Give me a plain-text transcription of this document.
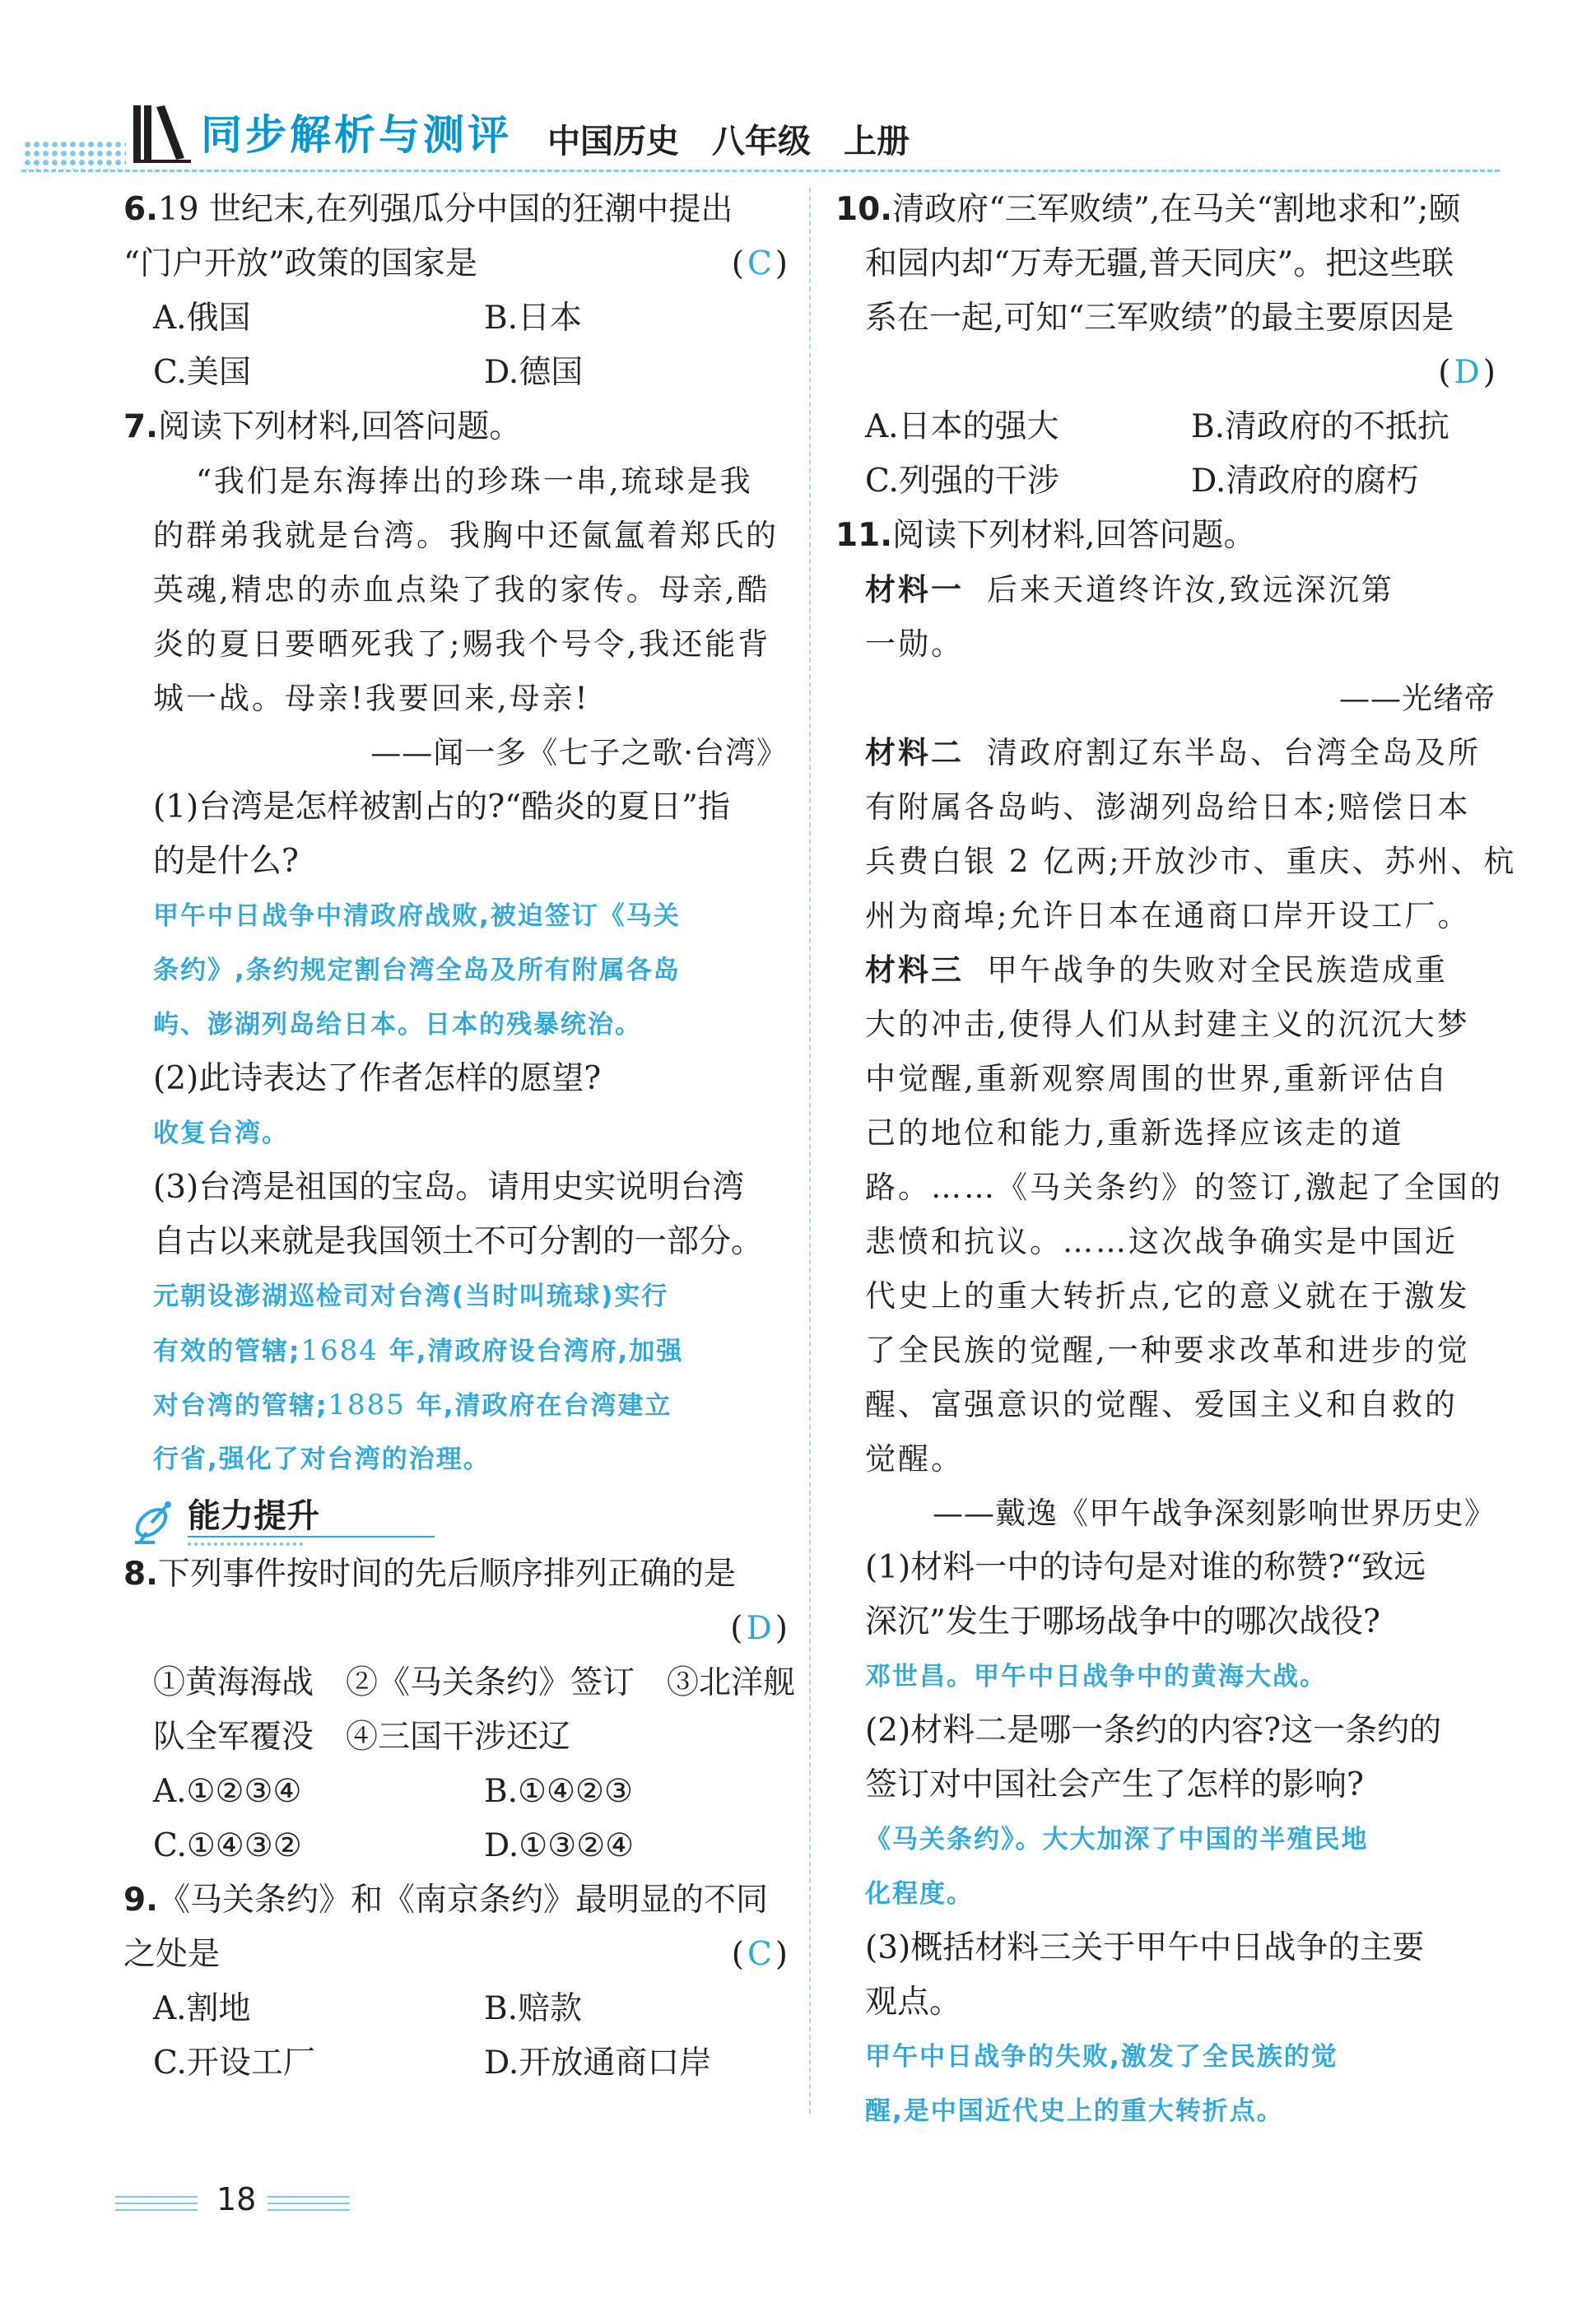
同步解析与测评 中国历史　八年级　上册
6.19 世纪末,在列强瓜分中国的狂潮中提出
“门户开放”政策的国家是	( C )
A.俄国	B.日本
C.美国	D.德国
7.阅读下列材料,回答问题。
“我们是东海捧出的珍珠一串,琉球是我
的群弟我就是台湾。我胸中还氤氲着郑氏的
英魂,精忠的赤血点染了我的家传。母亲,酷
炎的夏日要晒死我了;赐我个号令,我还能背
城一战。母亲!我要回来,母亲!
——闻一多《七子之歌·台湾》
(1)台湾是怎样被割占的?“酷炎的夏日”指
的是什么?
甲午中日战争中清政府战败,被迫签订《马关
条约》,条约规定割台湾全岛及所有附属各岛
屿、澎湖列岛给日本。日本的残暴统治。
(2)此诗表达了作者怎样的愿望?
收复台湾。
(3)台湾是祖国的宝岛。请用史实说明台湾
自古以来就是我国领土不可分割的一部分。
元朝设澎湖巡检司对台湾(当时叫琉球)实行
有效的管辖;1684 年,清政府设台湾府,加强
对台湾的管辖;1885 年,清政府在台湾建立
行省,强化了对台湾的治理。
能力提升
8.下列事件按时间的先后顺序排列正确的是
( D )
①黄海海战　②《马关条约》签订　③北洋舰
队全军覆没　④三国干涉还辽
A.①②③④	B.①④②③
C.①④③②	D.①③②④
9.《马关条约》和《南京条约》最明显的不同
之处是	( C )
A.割地	B.赔款
C.开设工厂	D.开放通商口岸
10.清政府“三军败绩”,在马关“割地求和”;颐
和园内却“万寿无疆,普天同庆”。把这些联
系在一起,可知“三军败绩”的最主要原因是
( D )
A.日本的强大	B.清政府的不抵抗
C.列强的干涉	D.清政府的腐朽
11.阅读下列材料,回答问题。
材料一 后来天道终许汝,致远深沉第
一勋。
——光绪帝
材料二 清政府割辽东半岛、台湾全岛及所
有附属各岛屿、澎湖列岛给日本;赔偿日本
兵费白银 2 亿两;开放沙市、重庆、苏州、杭
州为商埠;允许日本在通商口岸开设工厂。
材料三 甲午战争的失败对全民族造成重
大的冲击,使得人们从封建主义的沉沉大梦
中觉醒,重新观察周围的世界,重新评估自
己的地位和能力,重新选择应该走的道
路。……《马关条约》的签订,激起了全国的
悲愤和抗议。……这次战争确实是中国近
代史上的重大转折点,它的意义就在于激发
了全民族的觉醒,一种要求改革和进步的觉
醒、富强意识的觉醒、爱国主义和自救的
觉醒。
——戴逸《甲午战争深刻影响世界历史》
(1)材料一中的诗句是对谁的称赞?“致远
深沉”发生于哪场战争中的哪次战役?
邓世昌。甲午中日战争中的黄海大战。
(2)材料二是哪一条约的内容?这一条约的
签订对中国社会产生了怎样的影响?
《马关条约》。大大加深了中国的半殖民地
化程度。
(3)概括材料三关于甲午中日战争的主要
观点。
甲午中日战争的失败,激发了全民族的觉
醒,是中国近代史上的重大转折点。
18
